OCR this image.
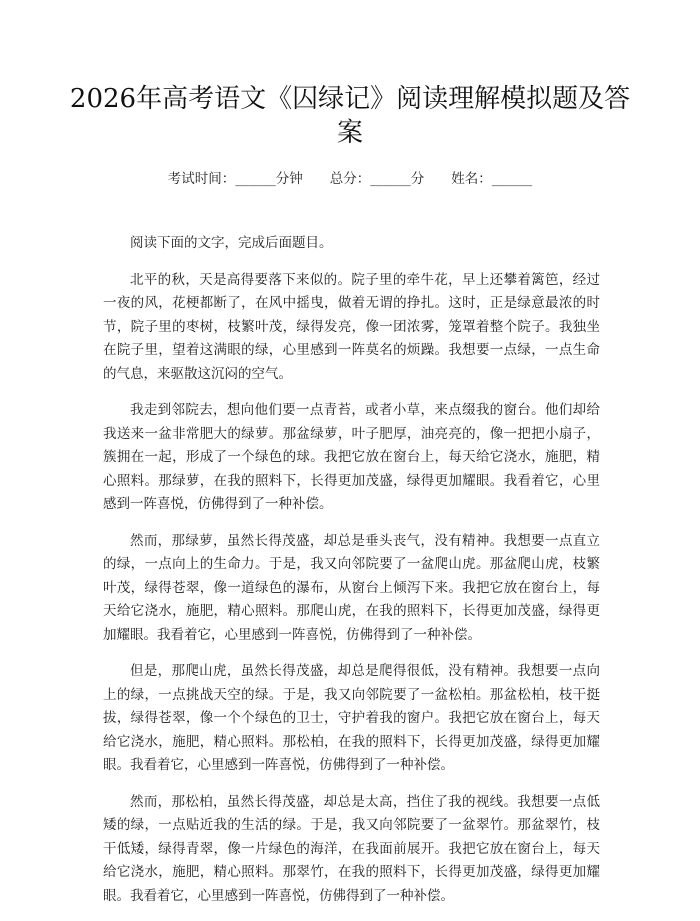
2026年高考语文《囚绿记》阅读理解模拟题及答案
考试时间：______分钟　　总分：______分　　姓名：______

阅读下面的文字，完成后面题目。

北平的秋，天是高得要落下来似的。院子里的牵牛花，早上还攀着篱笆，经过一夜的风，花梗都断了，在风中摇曳，做着无谓的挣扎。这时，正是绿意最浓的时节，院子里的枣树，枝繁叶茂，绿得发亮，像一团浓雾，笼罩着整个院子。我独坐在院子里，望着这满眼的绿，心里感到一阵莫名的烦躁。我想要一点绿，一点生命的气息，来驱散这沉闷的空气。

我走到邻院去，想向他们要一点青苔，或者小草，来点缀我的窗台。他们却给我送来一盆非常肥大的绿萝。那盆绿萝，叶子肥厚，油亮亮的，像一把把小扇子，簇拥在一起，形成了一个绿色的球。我把它放在窗台上，每天给它浇水，施肥，精心照料。那绿萝，在我的照料下，长得更加茂盛，绿得更加耀眼。我看着它，心里感到一阵喜悦，仿佛得到了一种补偿。

然而，那绿萝，虽然长得茂盛，却总是垂头丧气，没有精神。我想要一点直立的绿，一点向上的生命力。于是，我又向邻院要了一盆爬山虎。那盆爬山虎，枝繁叶茂，绿得苍翠，像一道绿色的瀑布，从窗台上倾泻下来。我把它放在窗台上，每天给它浇水，施肥，精心照料。那爬山虎，在我的照料下，长得更加茂盛，绿得更加耀眼。我看着它，心里感到一阵喜悦，仿佛得到了一种补偿。

但是，那爬山虎，虽然长得茂盛，却总是爬得很低，没有精神。我想要一点向上的绿，一点挑战天空的绿。于是，我又向邻院要了一盆松柏。那盆松柏，枝干挺拔，绿得苍翠，像一个个绿色的卫士，守护着我的窗户。我把它放在窗台上，每天给它浇水，施肥，精心照料。那松柏，在我的照料下，长得更加茂盛，绿得更加耀眼。我看着它，心里感到一阵喜悦，仿佛得到了一种补偿。

然而，那松柏，虽然长得茂盛，却总是太高，挡住了我的视线。我想要一点低矮的绿，一点贴近我的生活的绿。于是，我又向邻院要了一盆翠竹。那盆翠竹，枝干低矮，绿得青翠，像一片绿色的海洋，在我面前展开。我把它放在窗台上，每天给它浇水，施肥，精心照料。那翠竹，在我的照料下，长得更加茂盛，绿得更加耀眼。我看着它，心里感到一阵喜悦，仿佛得到了一种补偿。
